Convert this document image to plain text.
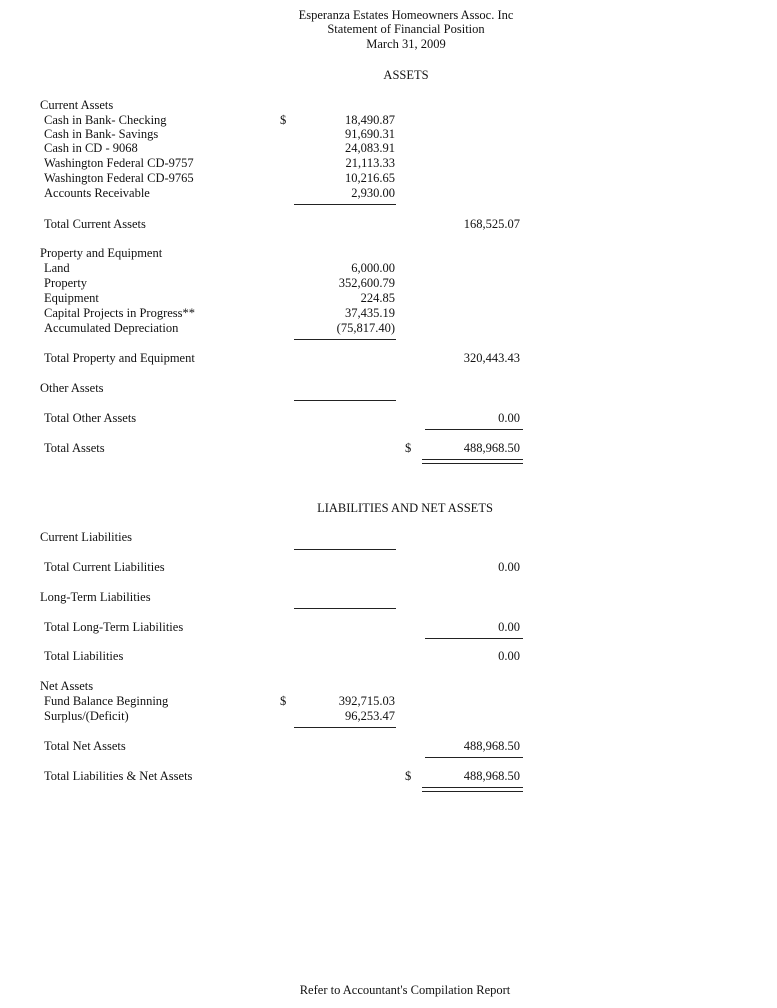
Esperanza Estates Homeowners Assoc. Inc
Statement of Financial Position
March 31, 2009
ASSETS
Current Assets
$
Cash in Bank- Checking	18,490.87
Cash in Bank- Savings	91,690.31
Cash in CD - 9068	24,083.91
Washington Federal CD-9757	21,113.33
Washington Federal CD-9765	10,216.65
Accounts Receivable	2,930.00
Total Current Assets	168,525.07
Property and Equipment
Land	6,000.00
Property	352,600.79
Equipment	224.85
Capital Projects in Progress**	37,435.19
Accumulated Depreciation	(75,817.40)
Total Property and Equipment	320,443.43
Other Assets
Total Other Assets	0.00
Total Assets	$	488,968.50
LIABILITIES AND NET ASSETS
Current Liabilities
Total Current Liabilities	0.00
Long-Term Liabilities
Total Long-Term Liabilities	0.00
Total Liabilities	0.00
Net Assets
$
Fund Balance Beginning	392,715.03
Surplus/(Deficit)	96,253.47
Total Net Assets	488,968.50
Total Liabilities & Net Assets	$	488,968.50
Refer to Accountant's Compilation Report
